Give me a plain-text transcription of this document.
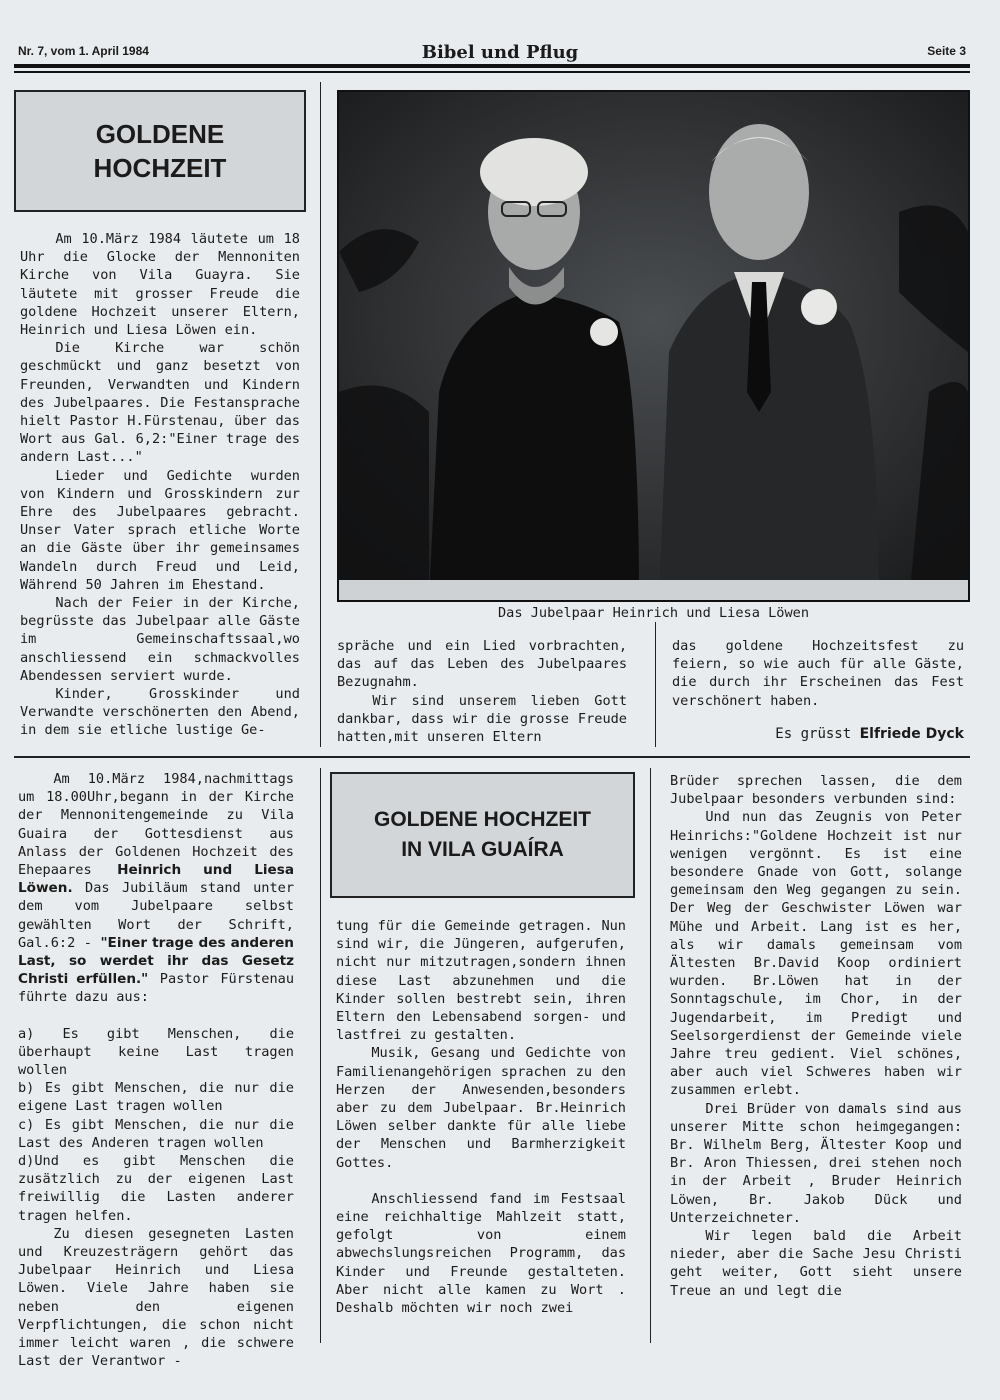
Nr. 7, vom 1. April 1984	Bibel und Pflug	Seite 3
GOLDENE
HOCHZEIT

Am 10.März 1984 läutete um 18 Uhr die Glocke der Mennoniten Kirche von Vila Guayra. Sie läutete mit grosser Freude die goldene Hochzeit unserer Eltern, Heinrich und Liesa Löwen ein.

Die Kirche war schön geschmückt und ganz besetzt von Freunden, Verwandten und Kindern des Jubelpaares. Die Festansprache hielt Pastor H.Fürstenau, über das Wort aus Gal. 6,2:"Einer trage des andern Last..."

Lieder und Gedichte wurden von Kindern und Grosskindern zur Ehre des Jubelpaares gebracht. Unser Vater sprach etliche Worte an die Gäste über ihr gemeinsames Wandeln durch Freud und Leid, Während 50 Jahren im Ehestand.

Nach der Feier in der Kirche, begrüsste das Jubelpaar alle Gäste im Gemeinschaftssaal,wo anschliessend ein schmackvolles Abendessen serviert wurde.

Kinder, Grosskinder und Verwandte verschönerten den Abend, in dem sie etliche lustige Ge-

Das Jubelpaar Heinrich und Liesa Löwen

spräche und ein Lied vorbrachten, das auf das Leben des Jubelpaares Bezugnahm.

Wir sind unserem lieben Gott dankbar, dass wir die grosse Freude hatten,mit unseren Eltern

das goldene Hochzeitsfest zu feiern, so wie auch für alle Gäste, die durch ihr Erscheinen das Fest verschönert haben.

Es grüsst Elfriede Dyck

Am 10.März 1984,nachmittags um 18.00Uhr,begann in der Kirche der Mennonitengemeinde zu Vila Guaira der Gottesdienst aus Anlass der Goldenen Hochzeit des Ehepaares Heinrich und Liesa Löwen. Das Jubiläum stand unter dem vom Jubelpaare selbst gewählten Wort der Schrift, Gal.6:2 - "Einer trage des anderen Last, so werdet ihr das Gesetz Christi erfüllen." Pastor Fürstenau führte dazu aus:

a) Es gibt Menschen, die überhaupt keine Last tragen wollen

b) Es gibt Menschen, die nur die eigene Last tragen wollen

c) Es gibt Menschen, die nur die Last des Anderen tragen wollen

d)Und es gibt Menschen die zusätzlich zu der eigenen Last freiwillig die Lasten anderer tragen helfen.

Zu diesen gesegneten Lasten und Kreuzesträgern gehört das Jubelpaar Heinrich und Liesa Löwen. Viele Jahre haben sie neben den eigenen Verpflichtungen, die schon nicht immer leicht waren , die schwere Last der Verantwor -

GOLDENE HOCHZEIT
IN VILA GUAÍRA

tung für die Gemeinde getragen. Nun sind wir, die Jüngeren, aufgerufen, nicht nur mitzutragen,sondern ihnen diese Last abzunehmen und die Kinder sollen bestrebt sein, ihren Eltern den Lebensabend sorgen- und lastfrei zu gestalten.

Musik, Gesang und Gedichte von Familienangehörigen sprachen zu den Herzen der Anwesenden,besonders aber zu dem Jubelpaar. Br.Heinrich Löwen selber dankte für alle liebe der Menschen und Barmherzigkeit Gottes.

Anschliessend fand im Festsaal eine reichhaltige Mahlzeit statt, gefolgt von einem abwechslungsreichen Programm, das Kinder und Freunde gestalteten. Aber nicht alle kamen zu Wort . Deshalb möchten wir noch zwei

Brüder sprechen lassen, die dem Jubelpaar besonders verbunden sind:

Und nun das Zeugnis von Peter Heinrichs:"Goldene Hochzeit ist nur wenigen vergönnt. Es ist eine besondere Gnade von Gott, solange gemeinsam den Weg gegangen zu sein. Der Weg der Geschwister Löwen war Mühe und Arbeit. Lang ist es her, als wir damals gemeinsam vom Ältesten Br.David Koop ordiniert wurden. Br.Löwen hat in der Sonntagschule, im Chor, in der Jugendarbeit, im Predigt und Seelsorgerdienst der Gemeinde viele Jahre treu gedient. Viel schönes, aber auch viel Schweres haben wir zusammen erlebt.

Drei Brüder von damals sind aus unserer Mitte schon heimgegangen: Br. Wilhelm Berg, Ältester Koop und Br. Aron Thiessen, drei stehen noch in der Arbeit , Bruder Heinrich Löwen, Br. Jakob Dück und Unterzeichneter.

Wir legen bald die Arbeit nieder, aber die Sache Jesu Christi geht weiter, Gott sieht unsere Treue an und legt die
